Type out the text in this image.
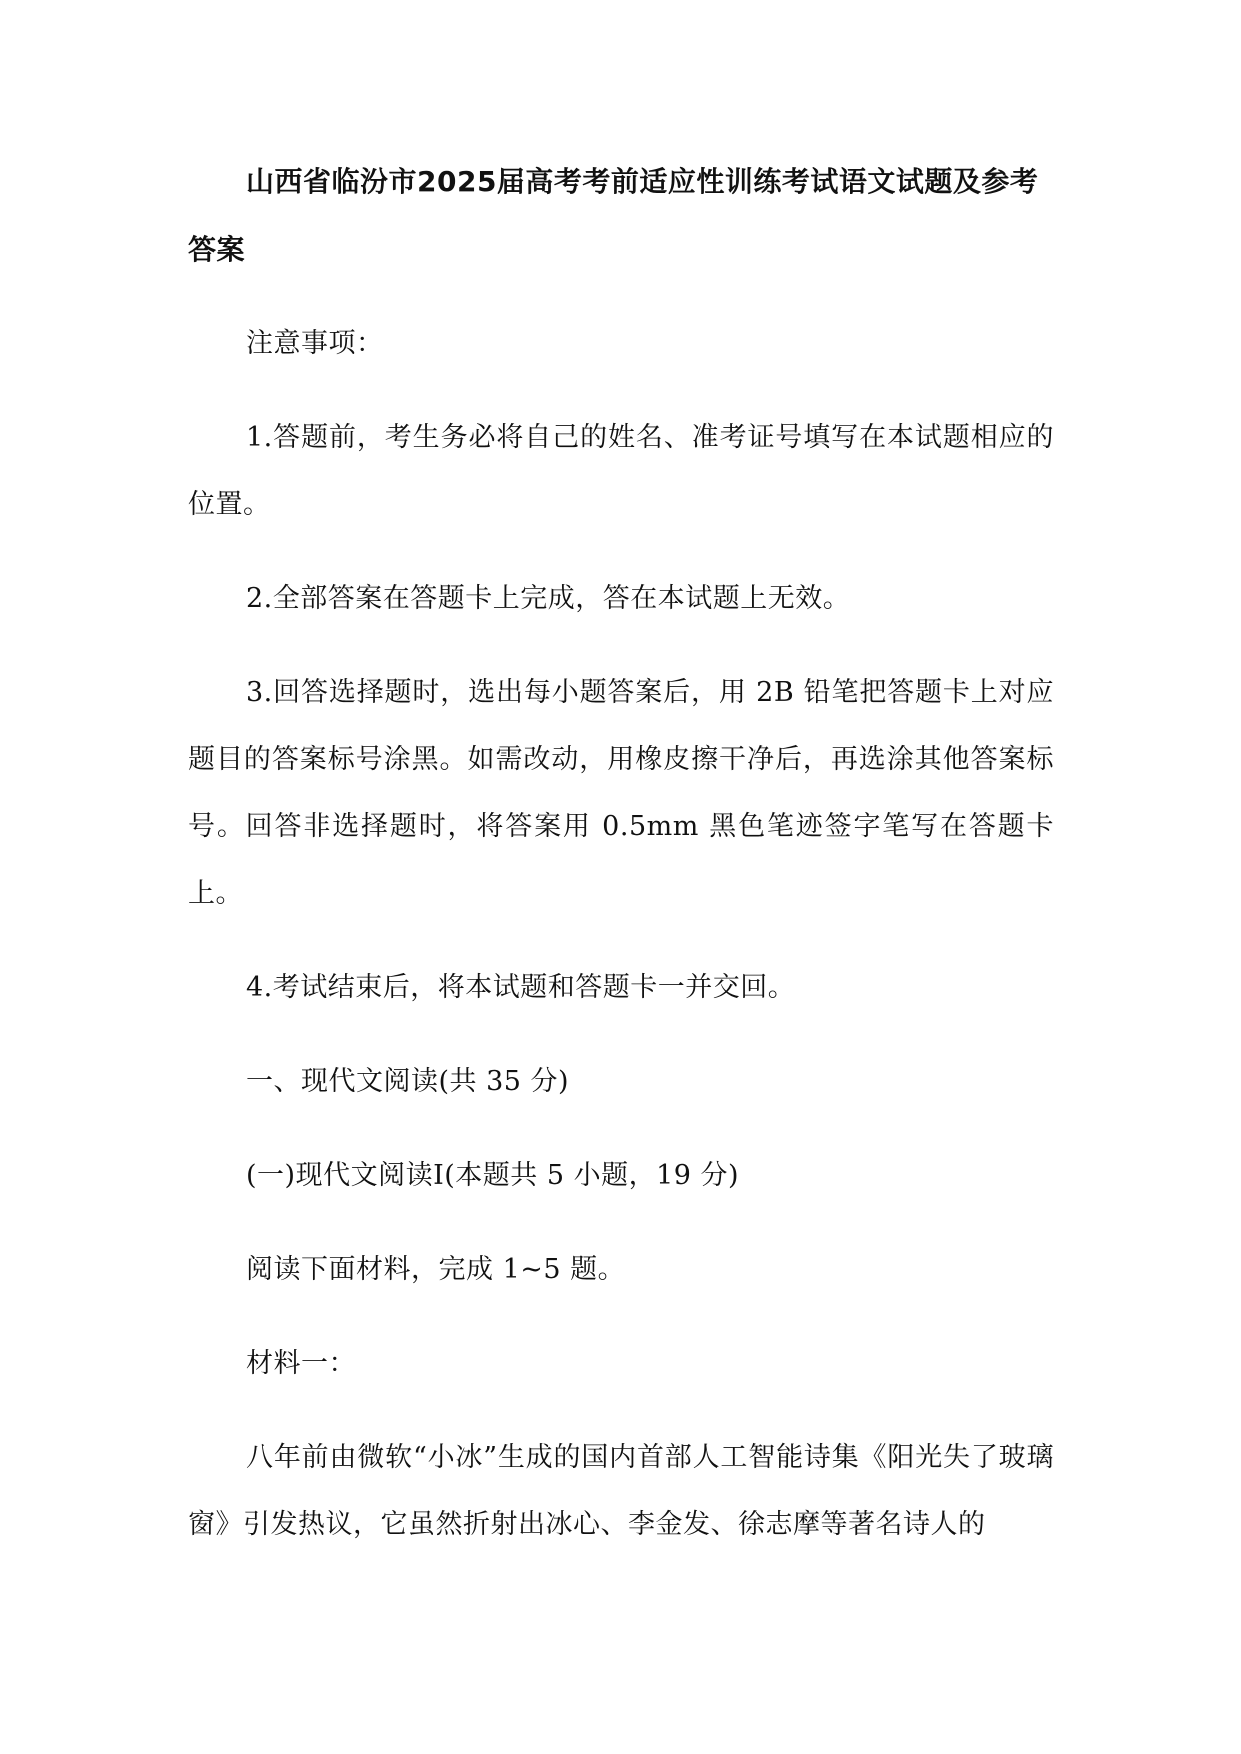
山西省临汾市2025届高考考前适应性训练考试语文试题及参考答案

注意事项：

1.答题前，考生务必将自己的姓名、准考证号填写在本试题相应的位置。

2.全部答案在答题卡上完成，答在本试题上无效。

3.回答选择题时，选出每小题答案后，用 2B 铅笔把答题卡上对应题目的答案标号涂黑。如需改动，用橡皮擦干净后，再选涂其他答案标号。回答非选择题时，将答案用 0.5mm 黑色笔迹签字笔写在答题卡上。

4.考试结束后，将本试题和答题卡一并交回。

一、现代文阅读(共 35 分)

(一)现代文阅读Ⅰ(本题共 5 小题，19 分)

阅读下面材料，完成 1~5 题。

材料一：

八年前由微软“小冰”生成的国内首部人工智能诗集《阳光失了玻璃窗》引发热议，它虽然折射出冰心、李金发、徐志摩等著名诗人的
